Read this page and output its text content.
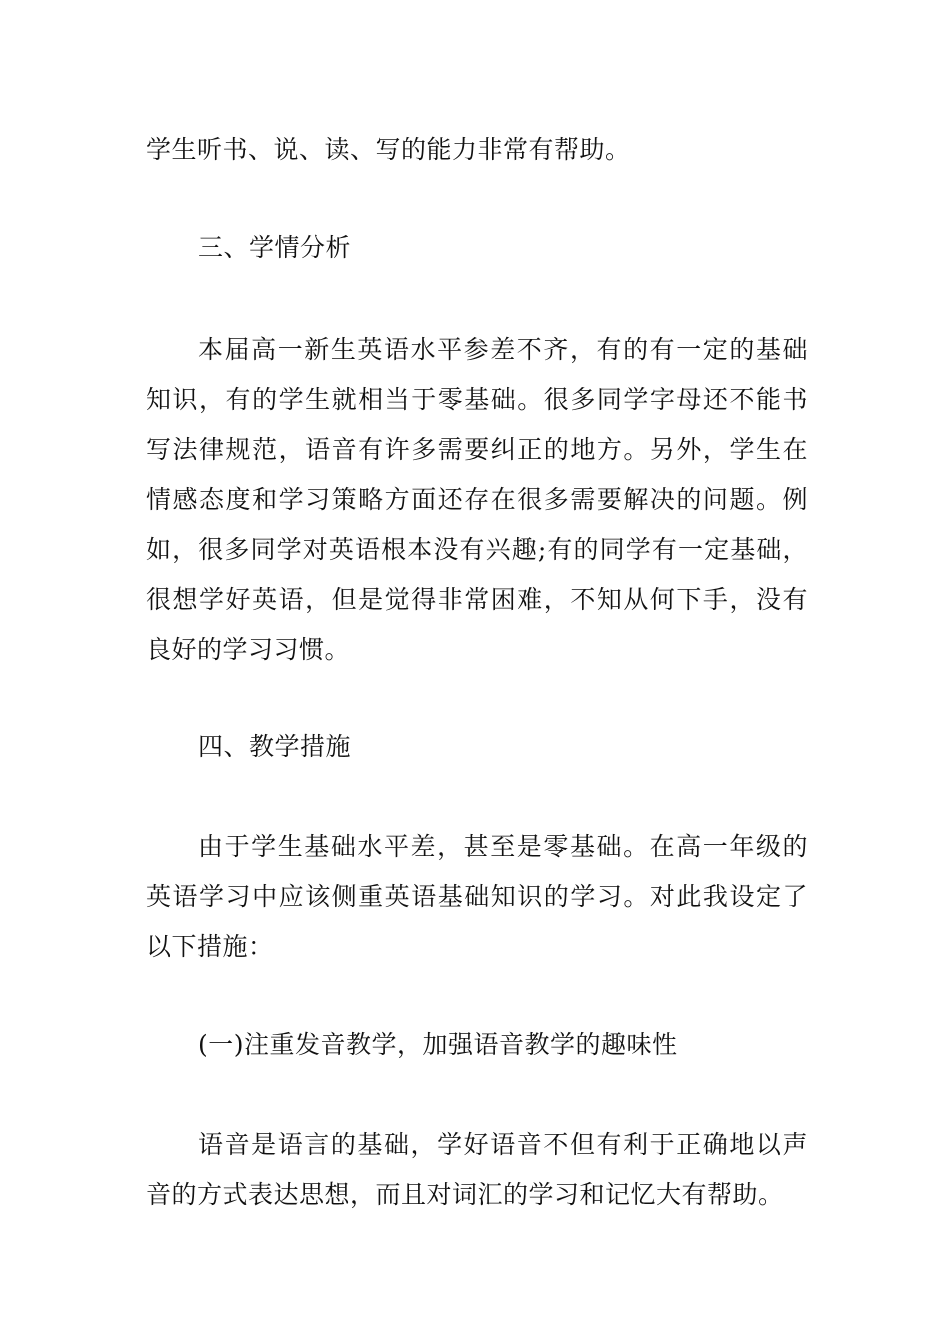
学生听书、说、读、写的能力非常有帮助。

三、学情分析

本届高一新生英语水平参差不齐，有的有一定的基础知识，有的学生就相当于零基础。很多同学字母还不能书写法律规范，语音有许多需要纠正的地方。另外，学生在情感态度和学习策略方面还存在很多需要解决的问题。例如，很多同学对英语根本没有兴趣;有的同学有一定基础，很想学好英语，但是觉得非常困难，不知从何下手，没有良好的学习习惯。

四、教学措施

由于学生基础水平差，甚至是零基础。在高一年级的英语学习中应该侧重英语基础知识的学习。对此我设定了以下措施：

(一)注重发音教学，加强语音教学的趣味性

语音是语言的基础，学好语音不但有利于正确地以声音的方式表达思想，而且对词汇的学习和记忆大有帮助。
